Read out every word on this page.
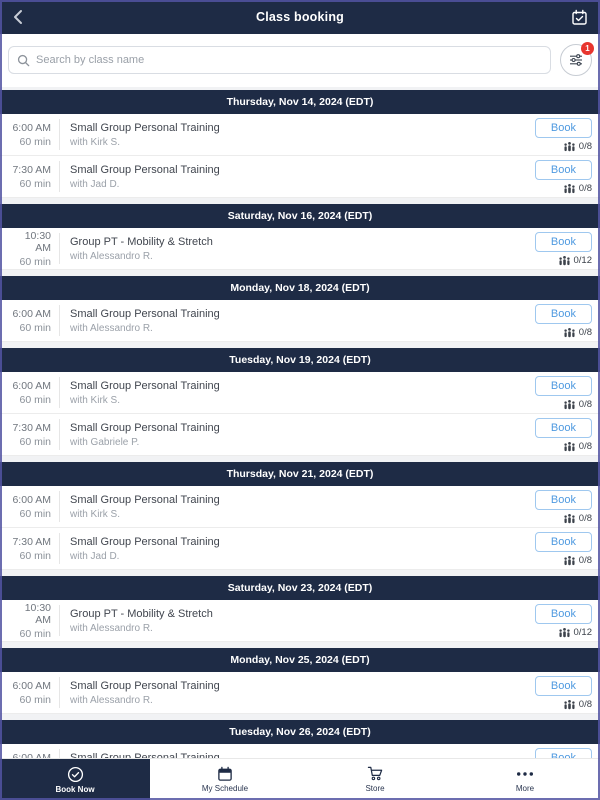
Class booking
Search by class name
1
Thursday, Nov 14, 2024 (EDT)
6:00 AM
60 min
Small Group Personal Training
with Kirk S.
Book
0/8
7:30 AM
60 min
Small Group Personal Training
with Jad D.
Book
0/8
Saturday, Nov 16, 2024 (EDT)
10:30 AM
60 min
Group PT - Mobility & Stretch
with Alessandro R.
Book
0/12
Monday, Nov 18, 2024 (EDT)
6:00 AM
60 min
Small Group Personal Training
with Alessandro R.
Book
0/8
Tuesday, Nov 19, 2024 (EDT)
6:00 AM
60 min
Small Group Personal Training
with Kirk S.
Book
0/8
7:30 AM
60 min
Small Group Personal Training
with Gabriele P.
Book
0/8
Thursday, Nov 21, 2024 (EDT)
6:00 AM
60 min
Small Group Personal Training
with Kirk S.
Book
0/8
7:30 AM
60 min
Small Group Personal Training
with Jad D.
Book
0/8
Saturday, Nov 23, 2024 (EDT)
10:30 AM
60 min
Group PT - Mobility & Stretch
with Alessandro R.
Book
0/12
Monday, Nov 25, 2024 (EDT)
6:00 AM
60 min
Small Group Personal Training
with Alessandro R.
Book
0/8
Tuesday, Nov 26, 2024 (EDT)
Book Now	My Schedule	Store	More
